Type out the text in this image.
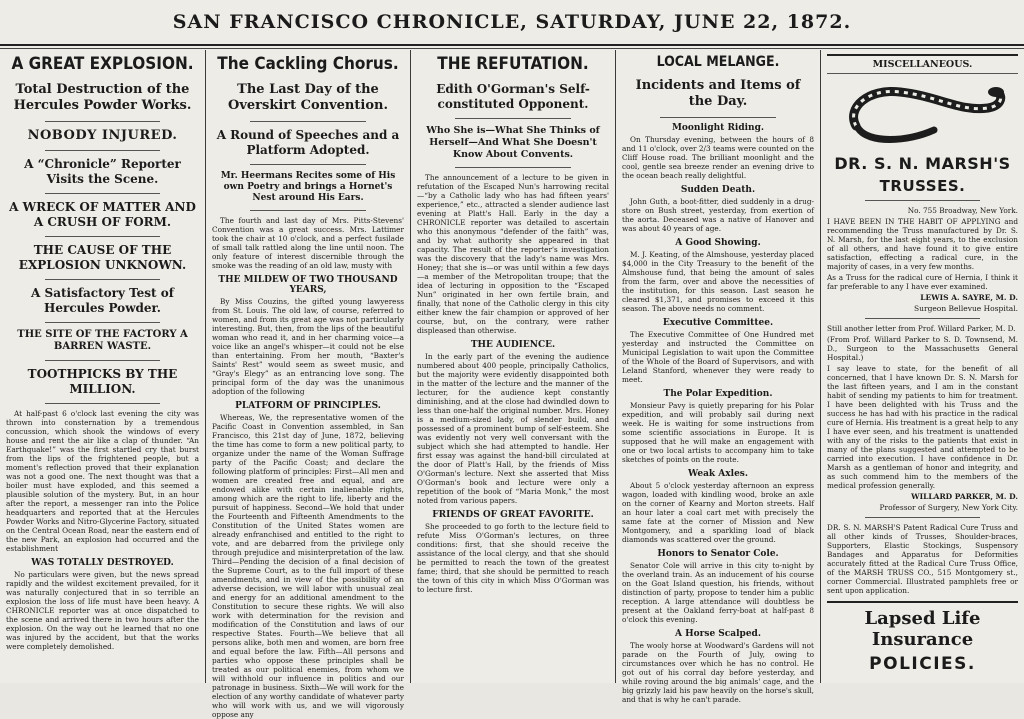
SAN FRANCISCO CHRONICLE, SATURDAY, JUNE 22, 1872.
A GREAT EXPLOSION.
Total Destruction of the Hercules Powder Works.
NOBODY INJURED.
A “Chronicle” Reporter Visits the Scene.
A WRECK OF MATTER AND A CRUSH OF FORM.
THE CAUSE OF THE EXPLOSION UNKNOWN.
A Satisfactory Test of Hercules Powder.
THE SITE OF THE FACTORY A BARREN WASTE.
TOOTHPICKS BY THE MILLION.

At half-past 6 o'clock last evening the city was thrown into consternation by a tremendous concussion, which shook the windows of every house and rent the air like a clap of thunder. “An Earthquake!” was the first startled cry that burst from the lips of the frightened people, but a moment's reflection proved that their explanation was not a good one. The next thought was that a boiler must have exploded, and this seemed a plausible solution of the mystery. But, in an hour after the report, a messenger ran into the Police headquarters and reported that at the Hercules Powder Works and Nitro-Glycerine Factory, situated on the Central Ocean Road, near the eastern end of the new Park, an explosion had occurred and the establishment

WAS TOTALLY DESTROYED.

No particulars were given, but the news spread rapidly and the wildest excitement prevailed, for it was naturally conjectured that in so terrible an explosion the loss of life must have been heavy. A CHRONICLE reporter was at once dispatched to the scene and arrived there in two hours after the explosion. On the way out he learned that no one was injured by the accident, but that the works were completely demolished.

The Cackling Chorus.
The Last Day of the Overskirt Convention.
A Round of Speeches and a Platform Adopted.
Mr. Heermans Recites some of His own Poetry and brings a Hornet's Nest around His Ears.

The fourth and last day of Mrs. Pitts-Stevens' Convention was a great success. Mrs. Lattimer took the chair at 10 o'clock, and a perfect fusilade of small talk rattled along the line until noon. The only feature of interest discernible through the smoke was the reading of an old law, musty with

THE MILDEW OF TWO THOUSAND YEARS,

By Miss Couzins, the gifted young lawyeress from St. Louis. The old law, of course, referred to women, and from its great age was not particularly interesting. But, then, from the lips of the beautiful woman who read it, and in her charming voice—a voice like an angel's whisper—it could not be else than entertaining. From her mouth, “Baxter's Saints' Rest” would seem as sweet music, and “Gray's Elegy” as an entrancing love song. The principal form of the day was the unanimous adoption of the following

PLATFORM OF PRINCIPLES.

Whereas, We, the representative women of the Pacific Coast in Convention assembled, in San Francisco, this 21st day of June, 1872, believing the time has come to form a new political party, to organize under the name of the Woman Suffrage party of the Pacific Coast; and declare the following platform of principles: First—All men and women are created free and equal, and are endowed alike with certain inalienable rights, among which are the right to life, liberty and the pursuit of happiness. Second—We hold that under the Fourteenth and Fifteenth Amendments to the Constitution of the United States women are already enfranchised and entitled to the right to vote, and are debarred from the privilege only through prejudice and misinterpretation of the law. Third—Pending the decision of a final decision of the Supreme Court, as to the full import of these amendments, and in view of the possibility of an adverse decision, we will labor with unusual zeal and energy for an additional amendment to the Constitution to secure these rights. We will also work with determination for the revision and modification of the Constitution and laws of our respective States. Fourth—We believe that all persons alike, both men and women, are born free and equal before the law. Fifth—All persons and parties who oppose these principles shall be treated as our political enemies, from whom we will withhold our influence in politics and our patronage in business. Sixth—We will work for the election of any worthy candidate of whatever party who will work with us, and we will vigorously oppose any

THE REFUTATION.
Edith O'Gorman's Self-constituted Opponent.
Who She is—What She Thinks of Herself—And What She Doesn't Know About Convents.

The announcement of a lecture to be given in refutation of the Escaped Nun's harrowing recital—“by a Catholic lady who has had fifteen years' experience,” etc., attracted a slender audience last evening at Platt's Hall. Early in the day a CHRONICLE reporter was detailed to ascertain who this anonymous “defender of the faith” was, and by what authority she appeared in that capacity. The result of the reporter's investigation was the discovery that the lady's name was Mrs. Honey; that she is—or was until within a few days—a member of the Metropolitan troupe; that the idea of lecturing in opposition to the “Escaped Nun” originated in her own fertile brain, and finally, that none of the Catholic clergy in this city either knew the fair champion or approved of her course, but, on the contrary, were rather displeased than otherwise.

THE AUDIENCE.

In the early part of the evening the audience numbered about 400 people, principally Catholics, but the majority were evidently disappointed both in the matter of the lecture and the manner of the lecturer, for the audience kept constantly diminishing, and at the close had dwindled down to less than one-half the original number. Mrs. Honey is a medium-sized lady, of slender build, and possessed of a prominent bump of self-esteem. She was evidently not very well conversant with the subject which she had attempted to handle. Her first essay was against the hand-bill circulated at the door of Platt's Hall, by the friends of Miss O'Gorman's lecture. Next she asserted that Miss O'Gorman's book and lecture were only a repetition of the book of “Maria Monk,” the most noted from various papers.

FRIENDS OF GREAT FAVORITE.

She proceeded to go forth to the lecture field to refute Miss O'Gorman's lectures, on three conditions: first, that she should receive the assistance of the local clergy, and that she should be permitted to reach the town of the greatest fame; third, that she should be permitted to reach the town of this city in which Miss O'Gorman was to lecture first.

LOCAL MELANGE.
Incidents and Items of the Day.
Moonlight Riding.

On Thursday evening, between the hours of 8 and 11 o'clock, over 2/3 teams were counted on the Cliff House road. The brilliant moonlight and the cool, gentle sea breeze render an evening drive to the ocean beach really delightful.

Sudden Death.

John Guth, a boot-fitter, died suddenly in a drug-store on Bush street, yesterday, from exertion of the aorta. Deceased was a native of Hanover and was about 40 years of age.

A Good Showing.

M. J. Keating, of the Almshouse, yesterday placed $4,000 in the City Treasury to the benefit of the Almshouse fund, that being the amount of sales from the farm, over and above the necessities of the institution, for this season. Last season he cleared $1,371, and promises to exceed it this season. The above needs no comment.

Executive Committee.

The Executive Committee of One Hundred met yesterday and instructed the Committee on Municipal Legislation to wait upon the Committee of the Whole of the Board of Supervisors, and with Leland Stanford, whenever they were ready to meet.

The Polar Expedition.

Monsieur Pavy is quietly preparing for his Polar expedition, and will probably sail during next week. He is waiting for some instructions from some scientific associations in Europe. It is supposed that he will make an engagement with one or two local artists to accompany him to take sketches of points on the route.

Weak Axles.

About 5 o'clock yesterday afternoon an express wagon, loaded with kindling wood, broke an axle on the corner of Kearny and Morton streets. Half an hour later a coal cart met with precisely the same fate at the corner of Mission and New Montgomery, and a sparkling load of black diamonds was scattered over the ground.

Honors to Senator Cole.

Senator Cole will arrive in this city to-night by the overland train. As an inducement of his course on the Goat Island question, his friends, without distinction of party, propose to tender him a public reception. A large attendance will doubtless be present at the Oakland ferry-boat at half-past 8 o'clock this evening.

A Horse Scalped.

The wooly horse at Woodward's Gardens will not parade on the Fourth of July, owing to circumstances over which he has no control. He got out of his corral day before yesterday, and while roving around the big animals' cage, and the big grizzly laid his paw heavily on the horse's skull, and that is why he can't parade.

MISCELLANEOUS.
DR. S. N. MARSH'S
TRUSSES.

No. 755 Broadway, New York.

I HAVE BEEN IN THE HABIT OF APPLYING and recommending the Truss manufactured by Dr. S. N. Marsh, for the last eight years, to the exclusion of all others, and have found it to give entire satisfaction, effecting a radical cure, in the majority of cases, in a very few months.

As a Truss for the radical cure of Hernia, I think it far preferable to any I have ever examined.

LEWIS A. SAYRE, M. D.

Surgeon Bellevue Hospital.

Still another letter from Prof. Willard Parker, M. D.

(From Prof. Willard Parker to S. D. Townsend, M. D., Surgeon to the Massachusetts General Hospital.)

I say leave to state, for the benefit of all concerned, that I have known Dr. S. N. Marsh for the last fifteen years, and I am in the constant habit of sending my patients to him for treatment. I have been delighted with his Truss and the success he has had with his practice in the radical cure of Hernia. His treatment is a great help to any I have ever seen, and his treatment is unattended with any of the risks to the patients that exist in many of the plans suggested and attempted to be carried into execution. I have confidence in Dr. Marsh as a gentleman of honor and integrity, and as such commend him to the members of the medical profession generally.

WILLARD PARKER, M. D.

Professor of Surgery, New York City.

DR. S. N. MARSH'S Patent Radical Cure Truss and all other kinds of Trusses, Shoulder-braces, Supporters, Elastic Stockings, Suspensory Bandages and Apparatus for Deformities accurately fitted at the Radical Cure Truss Office, of the MARSH TRUSS CO., 515 Montgomery st., corner Commercial. Illustrated pamphlets free or sent upon application.

Lapsed Life Insurance
POLICIES.
